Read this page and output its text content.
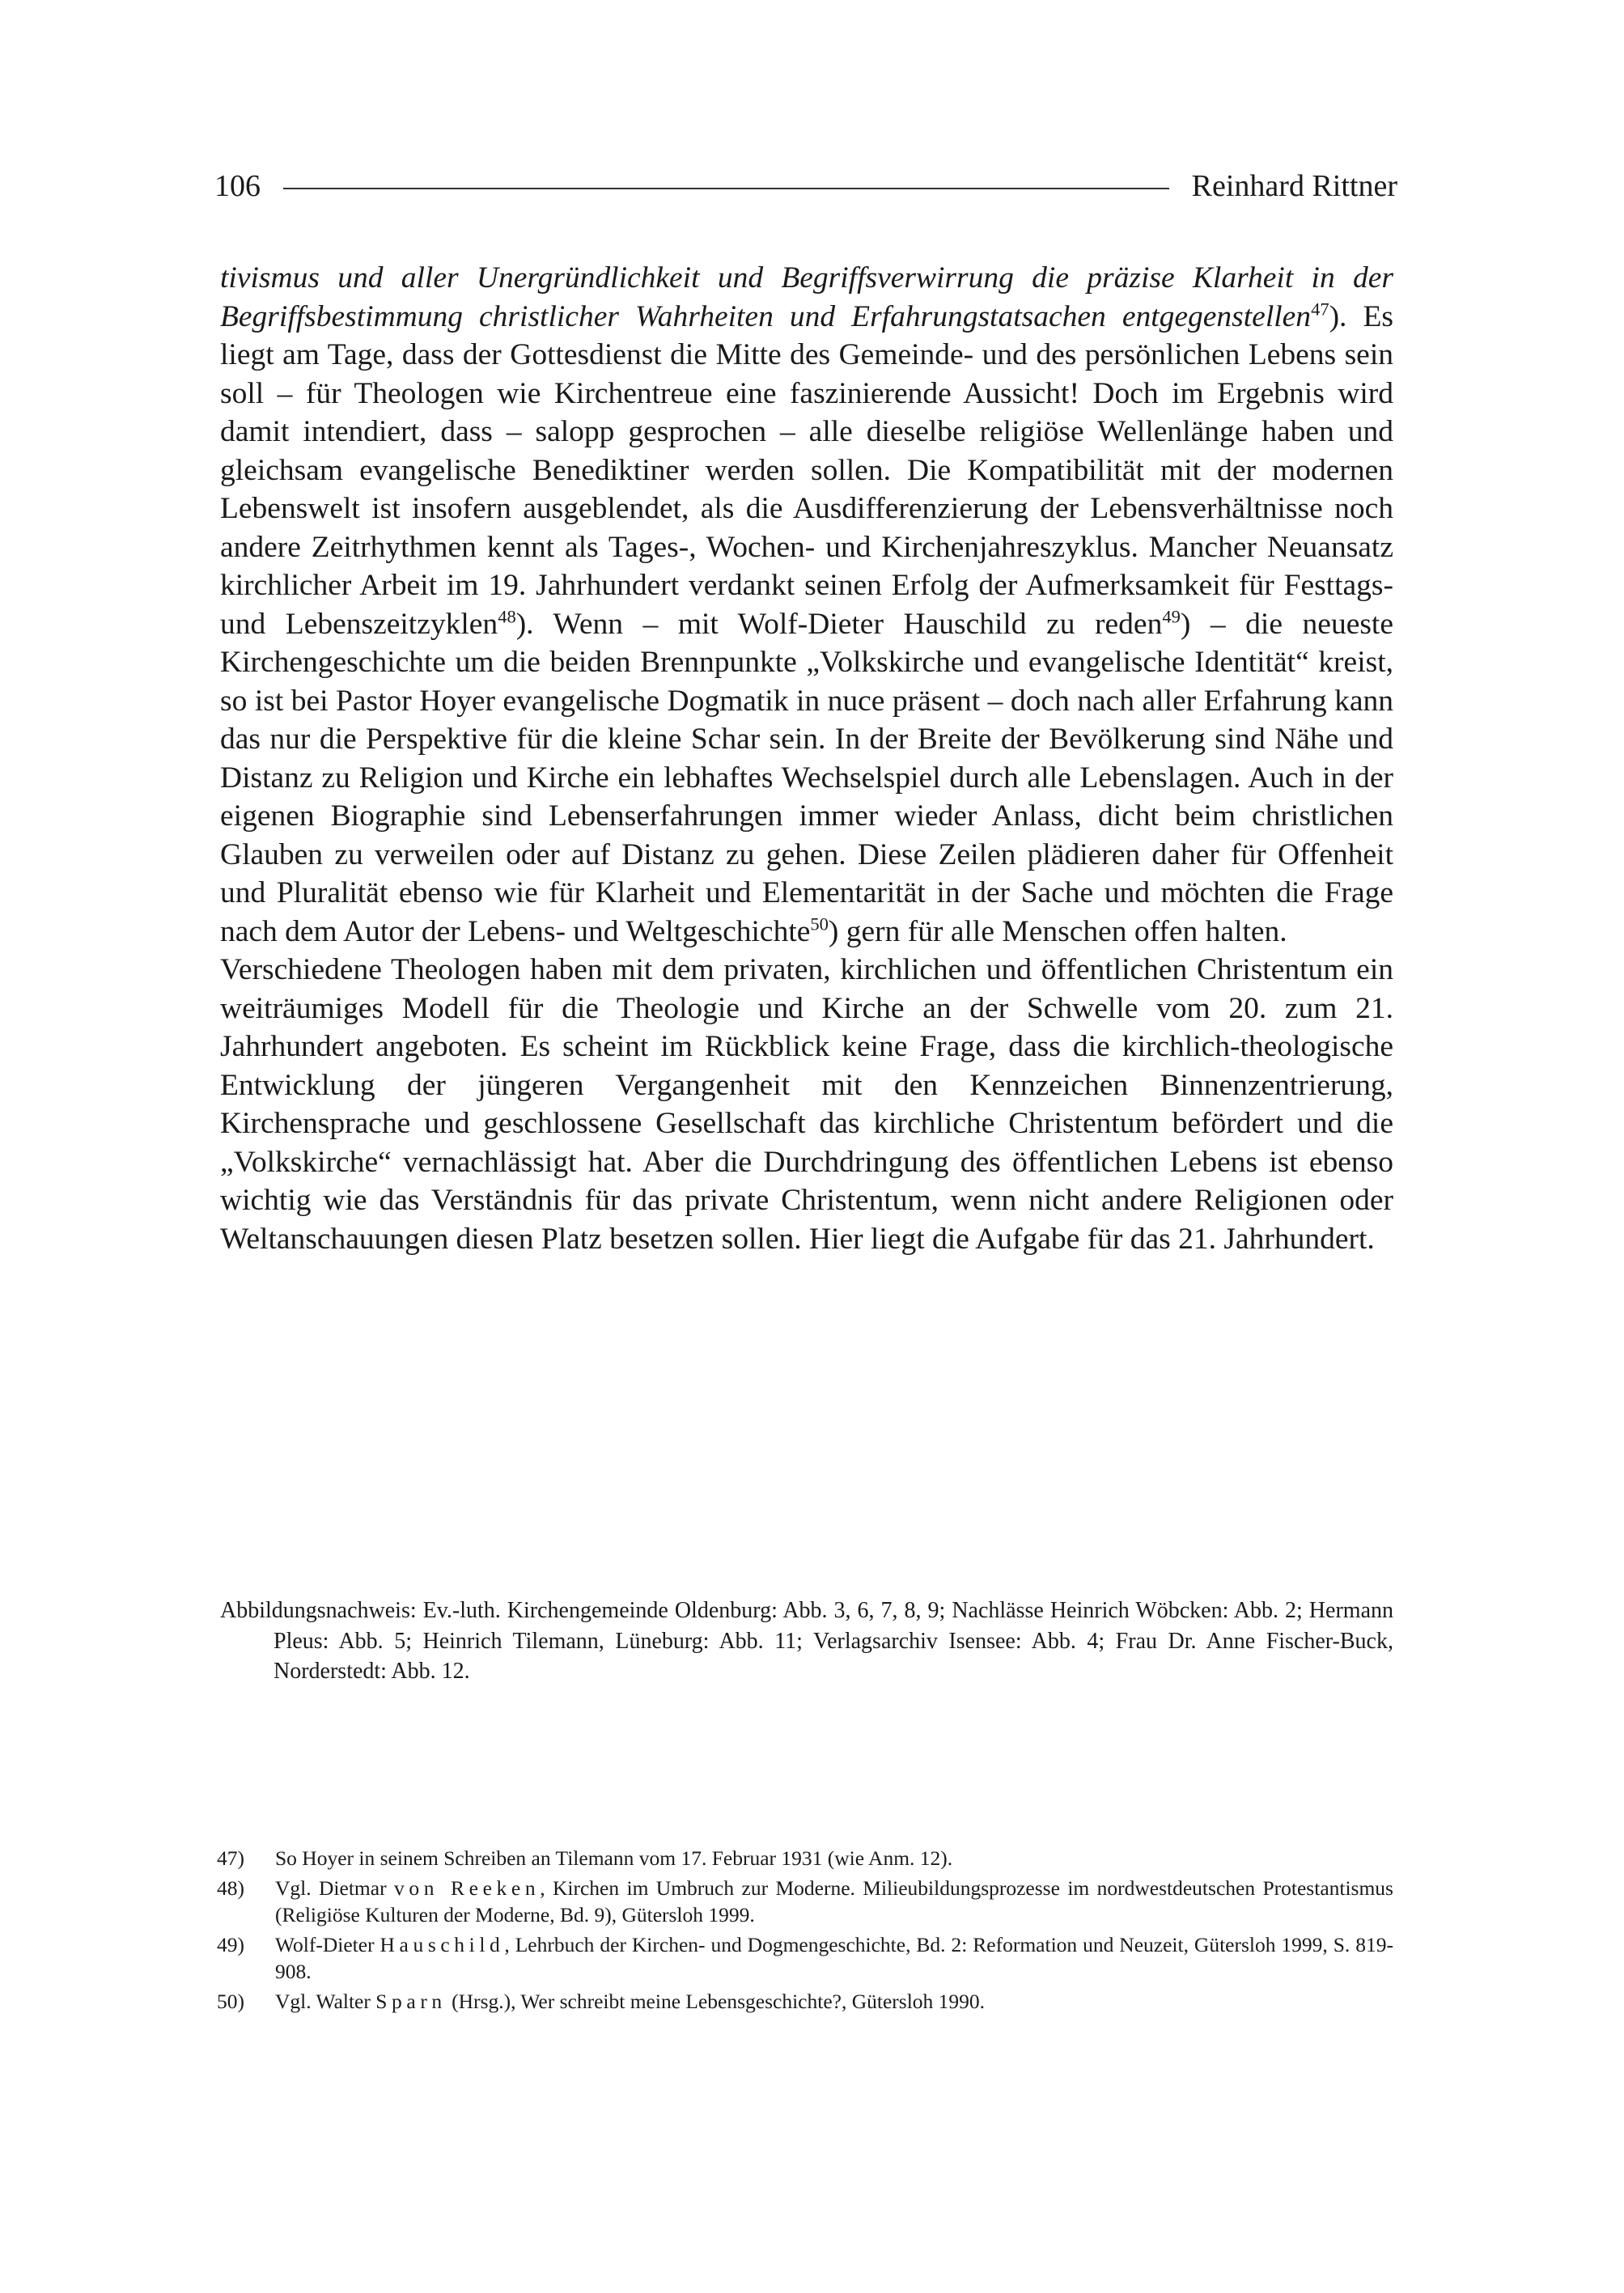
106	Reinhard Rittner

tivismus und aller Unergründlichkeit und Begriffsverwirrung die präzise Klarheit in der Begriffsbestimmung christlicher Wahrheiten und Erfahrungstatsachen entgegenstellen$^{47}$). Es liegt am Tage, dass der Gottesdienst die Mitte des Gemeinde- und des persönlichen Lebens sein soll – für Theologen wie Kirchentreue eine faszinierende Aussicht! Doch im Ergebnis wird damit intendiert, dass – salopp gesprochen – alle dieselbe religiöse Wellenlänge haben und gleichsam evangelische Benediktiner werden sollen. Die Kompatibilität mit der modernen Lebenswelt ist insofern ausgeblendet, als die Ausdifferenzierung der Lebensverhältnisse noch andere Zeitrhythmen kennt als Tages-, Wochen- und Kirchenjahreszyklus. Mancher Neuansatz kirchlicher Arbeit im 19. Jahrhundert verdankt seinen Erfolg der Aufmerksamkeit für Festtags- und Lebenszeitzyklen$^{48}$). Wenn – mit Wolf-Dieter Hauschild zu reden$^{49}$) – die neueste Kirchengeschichte um die beiden Brennpunkte „Volkskirche und evangelische Identität“ kreist, so ist bei Pastor Hoyer evangelische Dogmatik in nuce präsent – doch nach aller Erfahrung kann das nur die Perspektive für die kleine Schar sein. In der Breite der Bevölkerung sind Nähe und Distanz zu Religion und Kirche ein lebhaftes Wechselspiel durch alle Lebenslagen. Auch in der eigenen Biographie sind Lebenserfahrungen immer wieder Anlass, dicht beim christlichen Glauben zu verweilen oder auf Distanz zu gehen. Diese Zeilen plädieren daher für Offenheit und Pluralität ebenso wie für Klarheit und Elementarität in der Sache und möchten die Frage nach dem Autor der Lebens- und Weltgeschichte$^{50}$) gern für alle Menschen offen halten.

Verschiedene Theologen haben mit dem privaten, kirchlichen und öffentlichen Christentum ein weiträumiges Modell für die Theologie und Kirche an der Schwelle vom 20. zum 21. Jahrhundert angeboten. Es scheint im Rückblick keine Frage, dass die kirchlich-theologische Entwicklung der jüngeren Vergangenheit mit den Kennzeichen Binnenzentrierung, Kirchensprache und geschlossene Gesellschaft das kirchliche Christentum befördert und die „Volkskirche“ vernachlässigt hat. Aber die Durchdringung des öffentlichen Lebens ist ebenso wichtig wie das Verständnis für das private Christentum, wenn nicht andere Religionen oder Weltanschauungen diesen Platz besetzen sollen. Hier liegt die Aufgabe für das 21. Jahrhundert.

Abbildungsnachweis: Ev.-luth. Kirchengemeinde Oldenburg: Abb. 3, 6, 7, 8, 9; Nachlässe Heinrich Wöbcken: Abb. 2; Hermann Pleus: Abb. 5; Heinrich Tilemann, Lüneburg: Abb. 11; Verlagsarchiv Isensee: Abb. 4; Frau Dr. Anne Fischer-Buck, Norderstedt: Abb. 12.
47)	So Hoyer in seinem Schreiben an Tilemann vom 17. Februar 1931 (wie Anm. 12).
48)	Vgl. Dietmar von Reeken, Kirchen im Umbruch zur Moderne. Milieubildungsprozesse im nordwestdeutschen Protestantismus (Religiöse Kulturen der Moderne, Bd. 9), Gütersloh 1999.
49)	Wolf-Dieter Hauschild, Lehrbuch der Kirchen- und Dogmengeschichte, Bd. 2: Reformation und Neuzeit, Gütersloh 1999, S. 819-908.
50)	Vgl. Walter Sparn (Hrsg.), Wer schreibt meine Lebensgeschichte?, Gütersloh 1990.
